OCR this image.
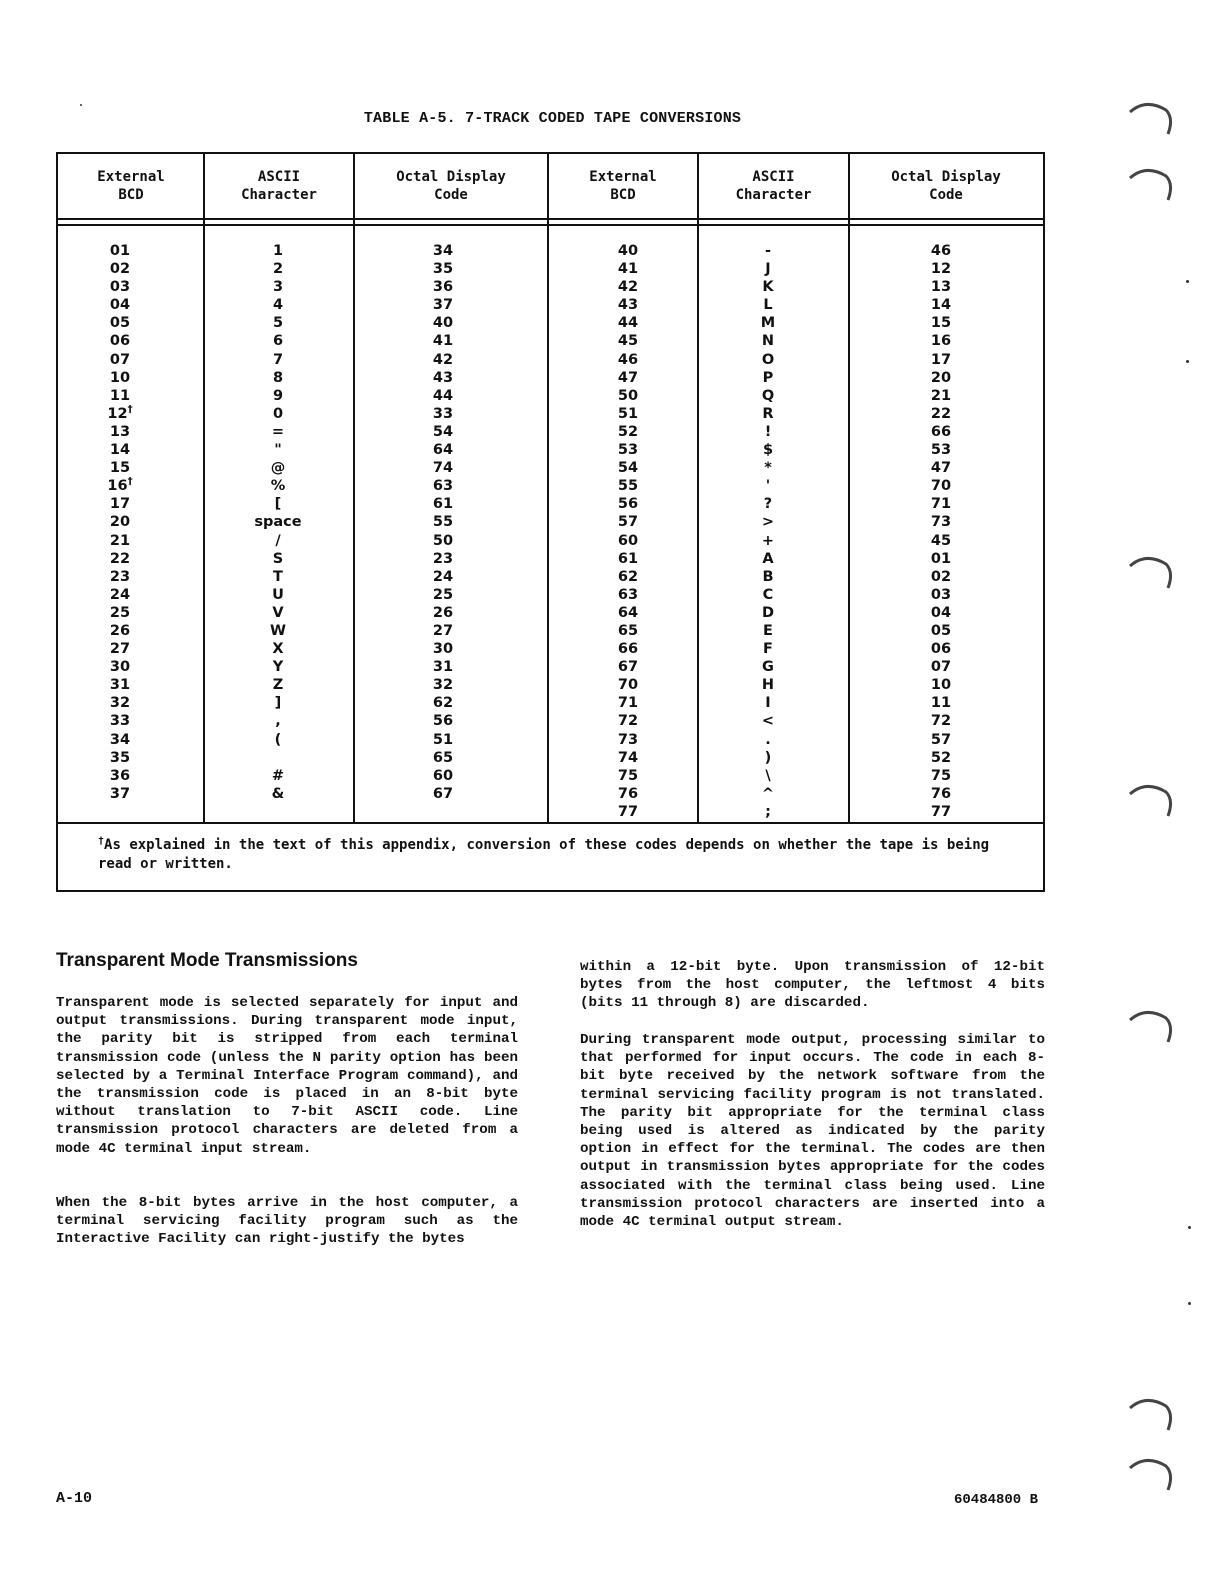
TABLE A-5. 7-TRACK CODED TAPE CONVERSIONS
External
BCD
ASCII
Character
Octal Display
Code
External
BCD
ASCII
Character
Octal Display
Code
01
02
03
04
05
06
07
10
11
12†
13
14
15
16†
17
20
21
22
23
24
25
26
27
30
31
32
33
34
35
36
37
1
2
3
4
5
6
7
8
9
0
=
"
@
%
[
space
/
S
T
U
V
W
X
Y
Z
]
,
(
#
&
34
35
36
37
40
41
42
43
44
33
54
64
74
63
61
55
50
23
24
25
26
27
30
31
32
62
56
51
65
60
67
40
41
42
43
44
45
46
47
50
51
52
53
54
55
56
57
60
61
62
63
64
65
66
67
70
71
72
73
74
75
76
77
-
J
K
L
M
N
O
P
Q
R
!
$
*
'
?
>
+
A
B
C
D
E
F
G
H
I
<
.
)
\
^
;
46
12
13
14
15
16
17
20
21
22
66
53
47
70
71
73
45
01
02
03
04
05
06
07
10
11
72
57
52
75
76
77
†As explained in the text of this appendix, conversion of these codes depends on whether the tape is being read or written.
Transparent Mode Transmissions

Transparent mode is selected separately for input and output transmissions. During transparent mode input, the parity bit is stripped from each terminal transmission code (unless the N parity option has been selected by a Terminal Interface Program command), and the transmission code is placed in an 8-bit byte without translation to 7-bit ASCII code. Line transmission protocol characters are deleted from a mode 4C terminal input stream.

When the 8-bit bytes arrive in the host computer, a terminal servicing facility program such as the Interactive Facility can right-justify the bytes

within a 12-bit byte. Upon transmission of 12-bit bytes from the host computer, the leftmost 4 bits (bits 11 through 8) are discarded.

During transparent mode output, processing similar to that performed for input occurs. The code in each 8-bit byte received by the network software from the terminal servicing facility program is not translated. The parity bit appropriate for the terminal class being used is altered as indicated by the parity option in effect for the terminal. The codes are then output in transmission bytes appropriate for the codes associated with the terminal class being used. Line transmission protocol characters are inserted into a mode 4C terminal output stream.

A-10	60484800 B
